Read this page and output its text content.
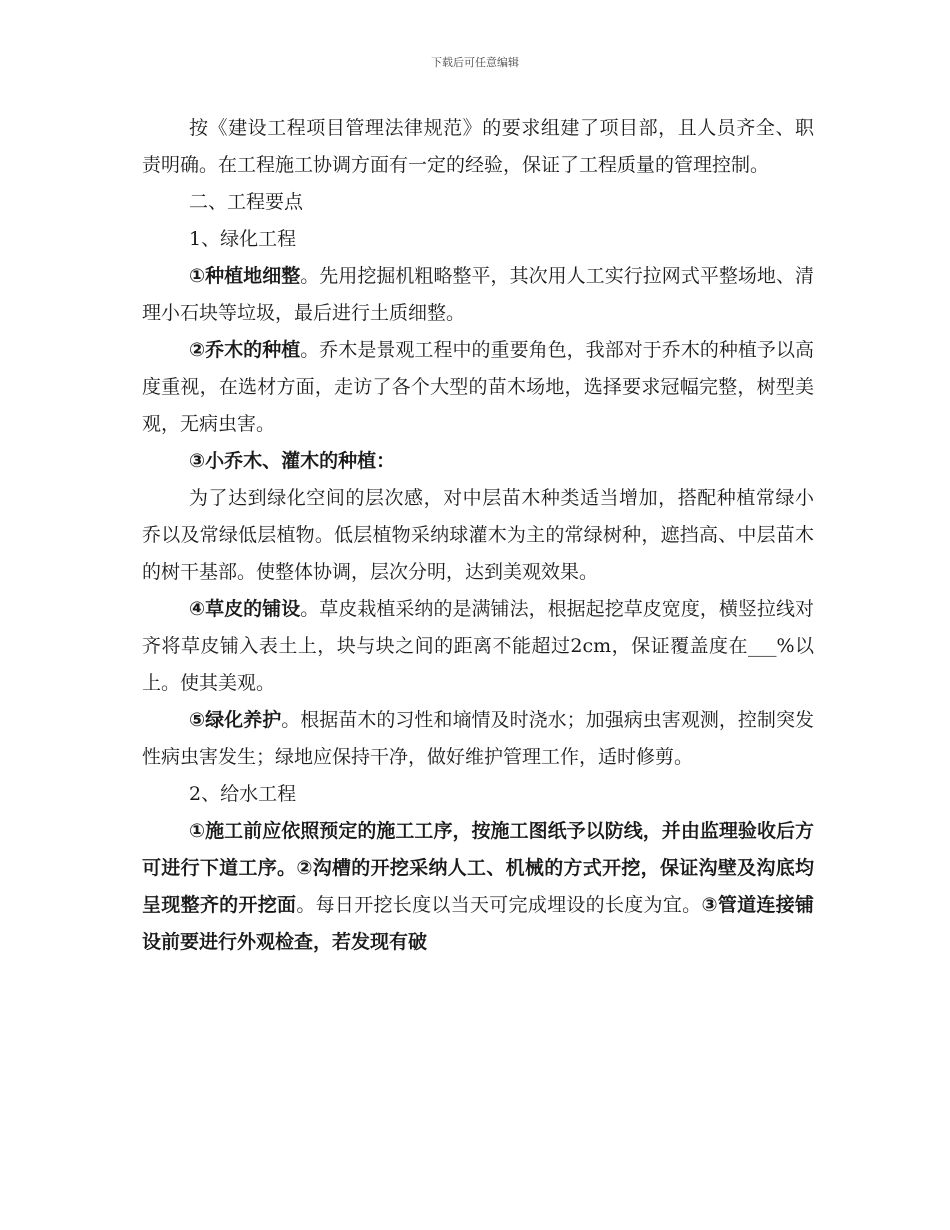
下载后可任意编辑

按《建设工程项目管理法律规范》的要求组建了项目部，且人员齐全、职责明确。在工程施工协调方面有一定的经验，保证了工程质量的管理控制。

二、工程要点

1、绿化工程

①种植地细整。先用挖掘机粗略整平，其次用人工实行拉网式平整场地、清理小石块等垃圾，最后进行土质细整。

②乔木的种植。乔木是景观工程中的重要角色，我部对于乔木的种植予以高度重视，在选材方面，走访了各个大型的苗木场地，选择要求冠幅完整，树型美观，无病虫害。

③小乔木、灌木的种植：

为了达到绿化空间的层次感，对中层苗木种类适当增加，搭配种植常绿小乔以及常绿低层植物。低层植物采纳球灌木为主的常绿树种，遮挡高、中层苗木的树干基部。使整体协调，层次分明，达到美观效果。

④草皮的铺设。草皮栽植采纳的是满铺法，根据起挖草皮宽度，横竖拉线对齐将草皮铺入表土上，块与块之间的距离不能超过2cm，保证覆盖度在___%以上。使其美观。

⑤绿化养护。根据苗木的习性和墒情及时浇水；加强病虫害观测，控制突发性病虫害发生；绿地应保持干净，做好维护管理工作，适时修剪。

2、给水工程

①施工前应依照预定的施工工序，按施工图纸予以防线，并由监理验收后方可进行下道工序。②沟槽的开挖采纳人工、机械的方式开挖，保证沟壁及沟底均呈现整齐的开挖面。每日开挖长度以当天可完成埋设的长度为宜。③管道连接铺设前要进行外观检查，若发现有破
